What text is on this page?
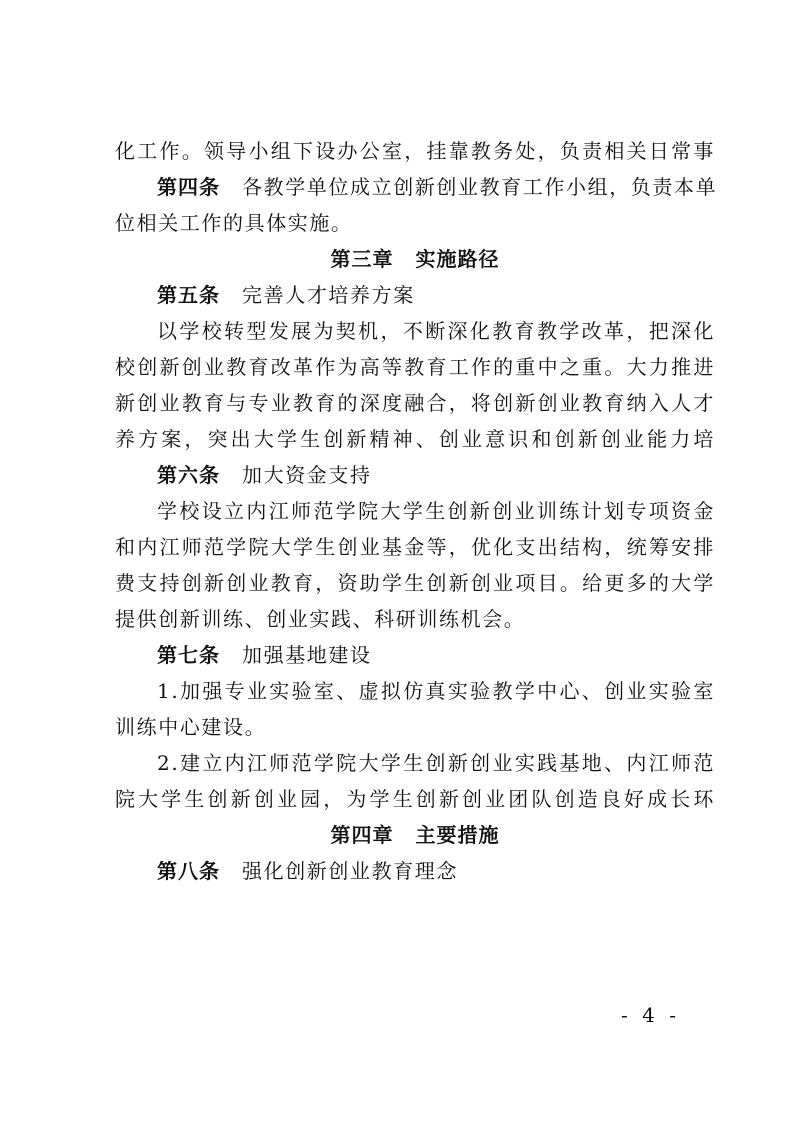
化工作。领导小组下设办公室，挂靠教务处，负责相关日常事
第四条 各教学单位成立创新创业教育工作小组，负责本单
位相关工作的具体实施。
第三章 实施路径
第五条 完善人才培养方案
以学校转型发展为契机，不断深化教育教学改革，把深化
校创新创业教育改革作为高等教育工作的重中之重。大力推进
新创业教育与专业教育的深度融合，将创新创业教育纳入人才
养方案，突出大学生创新精神、创业意识和创新创业能力培
第六条 加大资金支持
学校设立内江师范学院大学生创新创业训练计划专项资金
和内江师范学院大学生创业基金等，优化支出结构，统筹安排
费支持创新创业教育，资助学生创新创业项目。给更多的大学
提供创新训练、创业实践、科研训练机会。
第七条 加强基地建设
1.加强专业实验室、虚拟仿真实验教学中心、创业实验室
训练中心建设。
2.建立内江师范学院大学生创新创业实践基地、内江师范
院大学生创新创业园，为学生创新创业团队创造良好成长环
第四章 主要措施
第八条 强化创新创业教育理念
- 4 -
